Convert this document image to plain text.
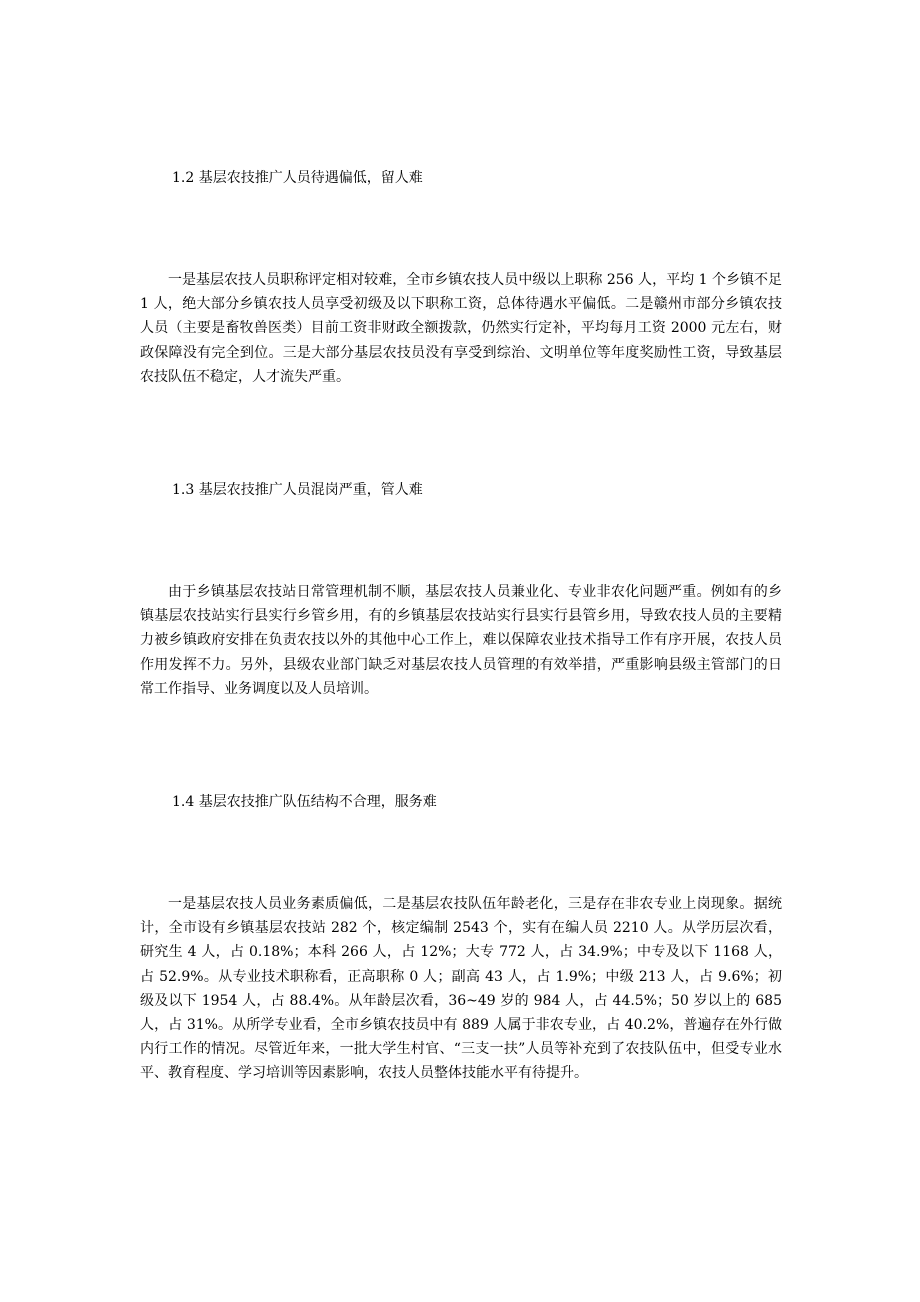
1.2 基层农技推广人员待遇偏低，留人难

一是基层农技人员职称评定相对较难，全市乡镇农技人员中级以上职称 256 人，平均 1 个乡镇不足 1 人，绝大部分乡镇农技人员享受初级及以下职称工资，总体待遇水平偏低。二是赣州市部分乡镇农技人员（主要是畜牧兽医类）目前工资非财政全额拨款，仍然实行定补，平均每月工资 2000 元左右，财政保障没有完全到位。三是大部分基层农技员没有享受到综治、文明单位等年度奖励性工资，导致基层农技队伍不稳定，人才流失严重。

1.3 基层农技推广人员混岗严重，管人难

由于乡镇基层农技站日常管理机制不顺，基层农技人员兼业化、专业非农化问题严重。例如有的乡镇基层农技站实行县实行乡管乡用，有的乡镇基层农技站实行县实行县管乡用，导致农技人员的主要精力被乡镇政府安排在负责农技以外的其他中心工作上，难以保障农业技术指导工作有序开展，农技人员作用发挥不力。另外，县级农业部门缺乏对基层农技人员管理的有效举措，严重影响县级主管部门的日常工作指导、业务调度以及人员培训。

1.4 基层农技推广队伍结构不合理，服务难

一是基层农技人员业务素质偏低，二是基层农技队伍年龄老化，三是存在非农专业上岗现象。据统计，全市设有乡镇基层农技站 282 个，核定编制 2543 个，实有在编人员 2210 人。从学历层次看，研究生 4 人，占 0.18%；本科 266 人，占 12%；大专 772 人，占 34.9%；中专及以下 1168 人，占 52.9%。从专业技术职称看，正高职称 0 人；副高 43 人，占 1.9%；中级 213 人，占 9.6%；初级及以下 1954 人，占 88.4%。从年龄层次看，36~49 岁的 984 人，占 44.5%；50 岁以上的 685 人，占 31%。从所学专业看，全市乡镇农技员中有 889 人属于非农专业，占 40.2%，普遍存在外行做内行工作的情况。尽管近年来，一批大学生村官、“三支一扶”人员等补充到了农技队伍中，但受专业水平、教育程度、学习培训等因素影响，农技人员整体技能水平有待提升。
